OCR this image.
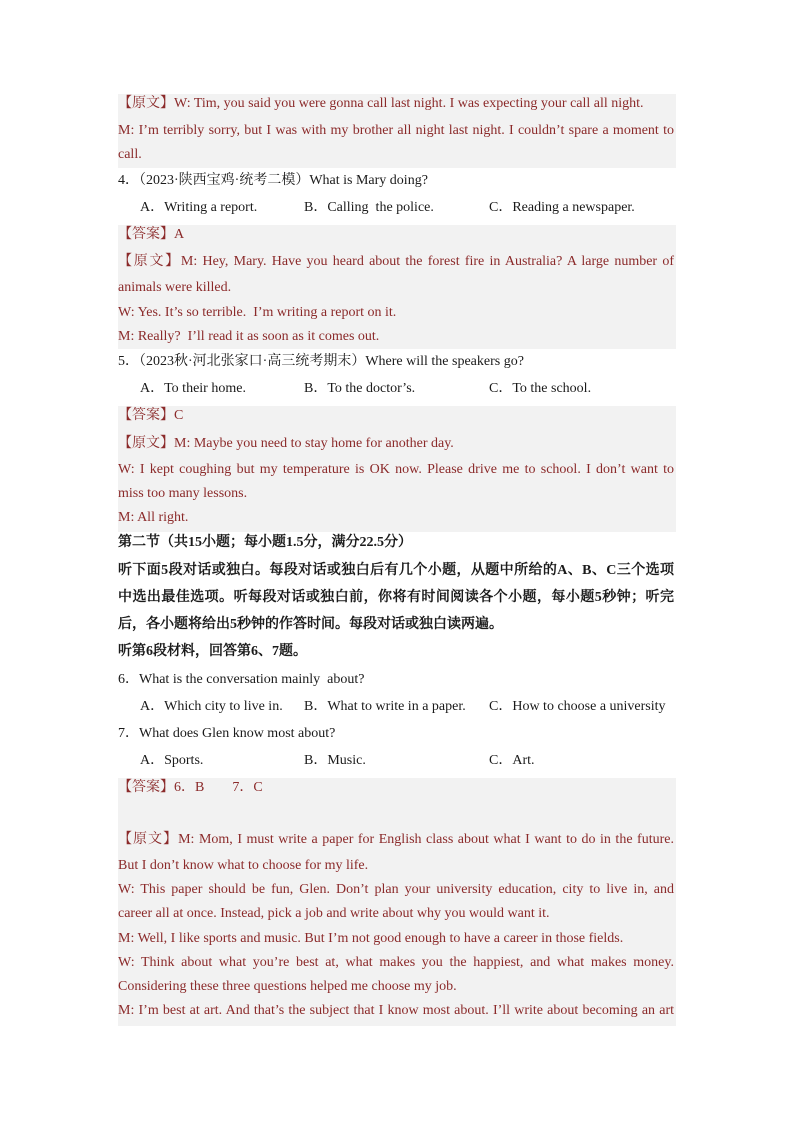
【原文】W: Tim, you said you were gonna call last night. I was expecting your call all night.
M: I’m terribly sorry, but I was with my brother all night last night. I couldn’t spare a moment to
call.
4．（2023·陕西宝鸡·统考二模）What is Mary doing?
A．Writing a report.	B．Calling  the police.	C．Reading a newspaper.
【答案】A
【原文】M: Hey, Mary. Have you heard about the forest fire in Australia? A large number of
animals were killed.
W: Yes. It’s so terrible.  I’m writing a report on it.
M: Really?  I’ll read it as soon as it comes out.
5．（2023秋·河北张家口·高三统考期末）Where will the speakers go?
A．To their home.	B．To the doctor’s.	C．To the school.
【答案】C
【原文】M: Maybe you need to stay home for another day.
W: I kept coughing but my temperature is OK now. Please drive me to school. I don’t want to
miss too many lessons.
M: All right.
第二节（共15小题；每小题1.5分，满分22.5分）
听下面5段对话或独白。每段对话或独白后有几个小题，从题中所给的A、B、C三个选项
中选出最佳选项。听每段对话或独白前，你将有时间阅读各个小题，每小题5秒钟；听完
后，各小题将给出5秒钟的作答时间。每段对话或独白读两遍。
听第6段材料，回答第6、7题。
6．What is the conversation mainly  about?
A．Which city to live in. B．What to write in a paper. C．How to choose a university
7．What does Glen know most about?
A．Sports.	B．Music.	C．Art.
【答案】6．B　　7．C
【原文】M: Mom, I must write a paper for English class about what I want to do in the future.
But I don’t know what to choose for my life.
W: This paper should be fun, Glen. Don’t plan your university education, city to live in, and
career all at once. Instead, pick a job and write about why you would want it.
M: Well, I like sports and music. But I’m not good enough to have a career in those fields.
W: Think about what you’re best at, what makes you the happiest, and what makes money.
Considering these three questions helped me choose my job.
M: I’m best at art. And that’s the subject that I know most about. I’ll write about becoming an art
